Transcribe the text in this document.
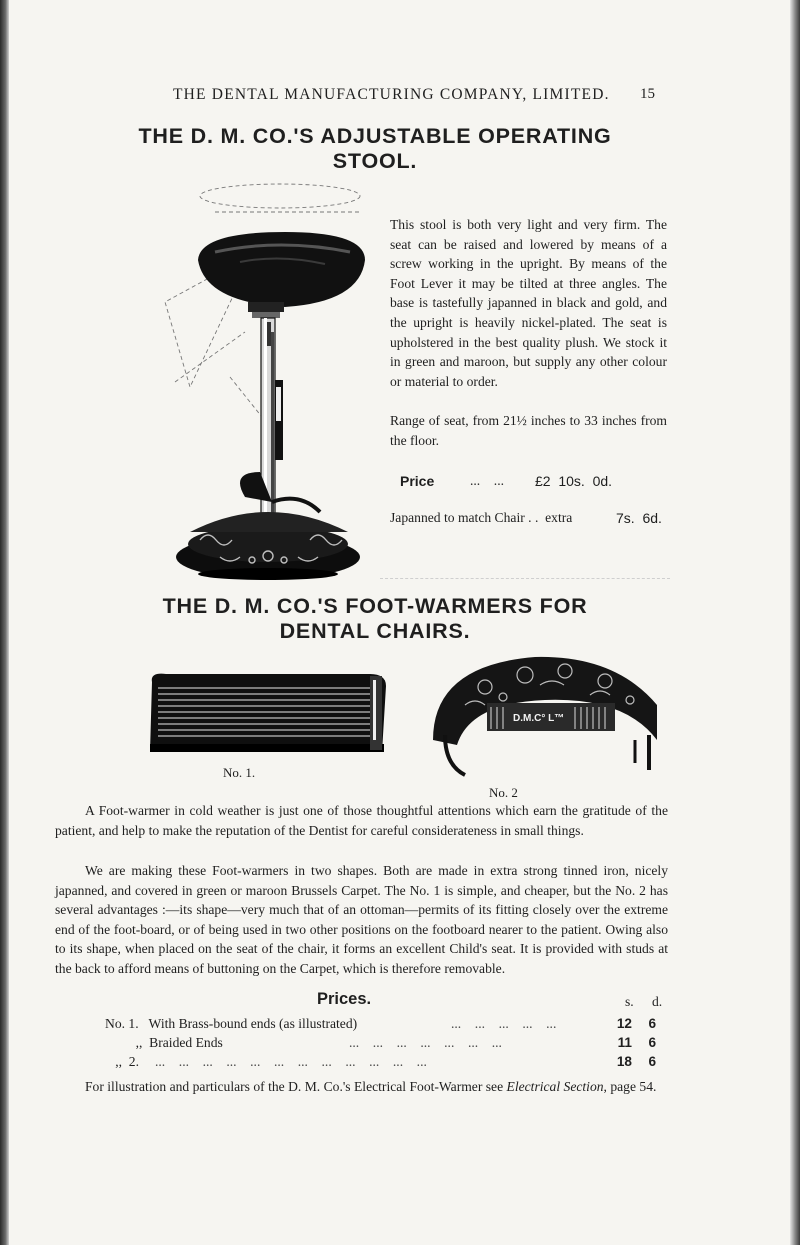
THE DENTAL MANUFACTURING COMPANY, LIMITED. 15
THE D. M. CO.'S ADJUSTABLE OPERATING
STOOL.
This stool is both very light and very firm. The seat can be raised and lowered by means of a screw working in the upright. By means of the Foot Lever it may be tilted at three angles. The base is tastefully japanned in black and gold, and the upright is heavily nickel-plated. The seat is upholstered in the best quality plush. We stock it in green and maroon, but supply any other colour or material to order.
Range of seat, from 21½ inches to 33 inches from the floor.
Price	...    ... £2  10s.  0d.
Japanned to match Chair . .  extra	7s.  6d.
THE D. M. CO.'S FOOT-WARMERS FOR
DENTAL CHAIRS.
No. 1.
D.M.C° L™
No. 2
A Foot-warmer in cold weather is just one of those thoughtful attentions which earn the gratitude of the patient, and help to make the reputation of the Dentist for careful considerateness in small things.
We are making these Foot-warmers in two shapes. Both are made in extra strong tinned iron, nicely japanned, and covered in green or maroon Brussels Carpet. The No. 1 is simple, and cheaper, but the No. 2 has several advantages :—its shape—very much that of an ottoman—permits of its fitting closely over the extreme end of the foot-board, or of being used in two other positions on the footboard nearer to the patient. Owing also to its shape, when placed on the seat of the chair, it forms an excellent Child's seat. It is provided with studs at the back to afford means of buttoning on the Carpet, which is therefore removable.
Prices.	s. d.
No. 1.   With Brass-bound ends (as illustrated)	...    ...    ...    ...    ...	12	6
,,  Braided Ends	...    ...    ...    ...    ...    ...    ...	11	6
,,  2. ...    ...    ...    ...    ...    ...    ...    ...    ...    ...    ...    ...	18	6
For illustration and particulars of the D. M. Co.'s Electrical Foot-Warmer see Electrical Section, page 54.
